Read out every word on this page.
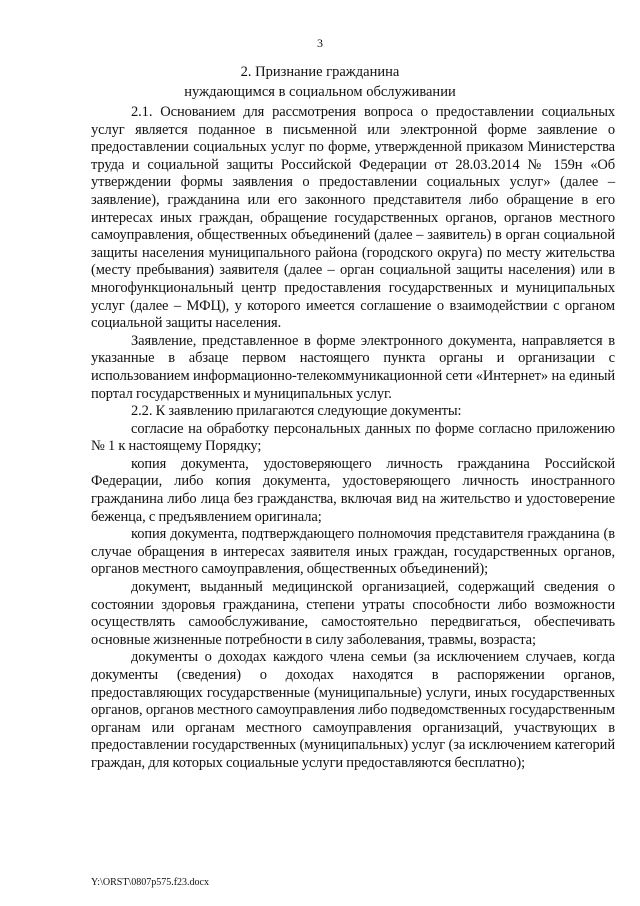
3
2. Признание гражданина
нуждающимся в социальном обслуживании

2.1. Основанием для рассмотрения вопроса о предоставлении социальных услуг является поданное в письменной или электронной форме заявление о предоставлении социальных услуг по форме, утвержденной приказом Министерства труда и социальной защиты Российской Федерации от 28.03.2014 № 159н «Об утверждении формы заявления о предоставлении социальных услуг» (далее – заявление), гражданина или его законного представителя либо обращение в его интересах иных граждан, обращение государственных органов, органов местного самоуправления, общественных объединений (далее – заявитель) в орган социальной защиты населения муниципального района (городского округа) по месту жительства (месту пребывания) заявителя (далее – орган социальной защиты населения) или в многофункциональный центр предоставления государственных и муниципальных услуг (далее – МФЦ), у которого имеется соглашение о взаимодействии с органом социальной защиты населения.

Заявление, представленное в форме электронного документа, направляется в указанные в абзаце первом настоящего пункта органы и организации с использованием информационно-телекоммуникационной сети «Интернет» на единый портал государственных и муниципальных услуг.

2.2. К заявлению прилагаются следующие документы:

согласие на обработку персональных данных по форме согласно приложению № 1 к настоящему Порядку;

копия документа, удостоверяющего личность гражданина Российской Федерации, либо копия документа, удостоверяющего личность иностранного гражданина либо лица без гражданства, включая вид на жительство и удостоверение беженца, с предъявлением оригинала;

копия документа, подтверждающего полномочия представителя гражданина (в случае обращения в интересах заявителя иных граждан, государственных органов, органов местного самоуправления, общественных объединений);

документ, выданный медицинской организацией, содержащий сведения о состоянии здоровья гражданина, степени утраты способности либо возможности осуществлять самообслуживание, самостоятельно передвигаться, обеспечивать основные жизненные потребности в силу заболевания, травмы, возраста;

документы о доходах каждого члена семьи (за исключением случаев, когда документы (сведения) о доходах находятся в распоряжении органов, предоставляющих государственные (муниципальные) услуги, иных государственных органов, органов местного самоуправления либо подведомственных государственным органам или органам местного самоуправления организаций, участвующих в предоставлении государственных (муниципальных) услуг (за исключением категорий граждан, для которых социальные услуги предоставляются бесплатно);

Y:\ORST\0807p575.f23.docx
